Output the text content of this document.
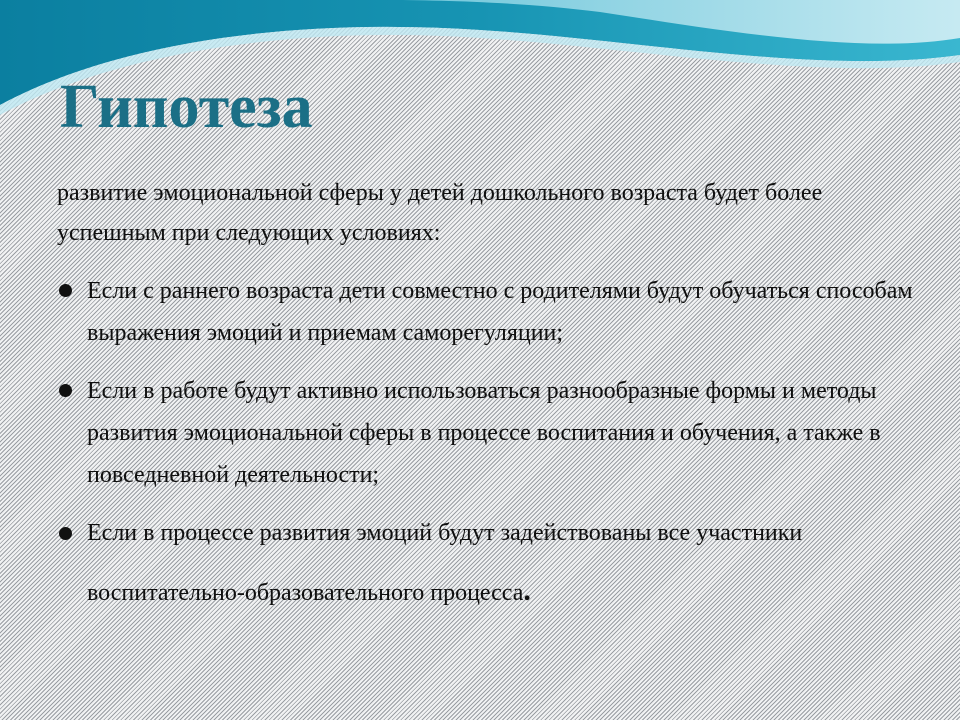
Гипотеза

развитие эмоциональной сферы у детей дошкольного возраста будет более успешным при следующих условиях:

Если с раннего возраста дети совместно с родителями будут обучаться способам выражения эмоций и приемам саморегуляции;
Если в работе будут активно использоваться разнообразные формы и методы развития эмоциональной сферы в процессе воспитания и обучения, а также в повседневной деятельности;
Если в процессе развития эмоций будут задействованы все участники воспитательно-образовательного процесса.
